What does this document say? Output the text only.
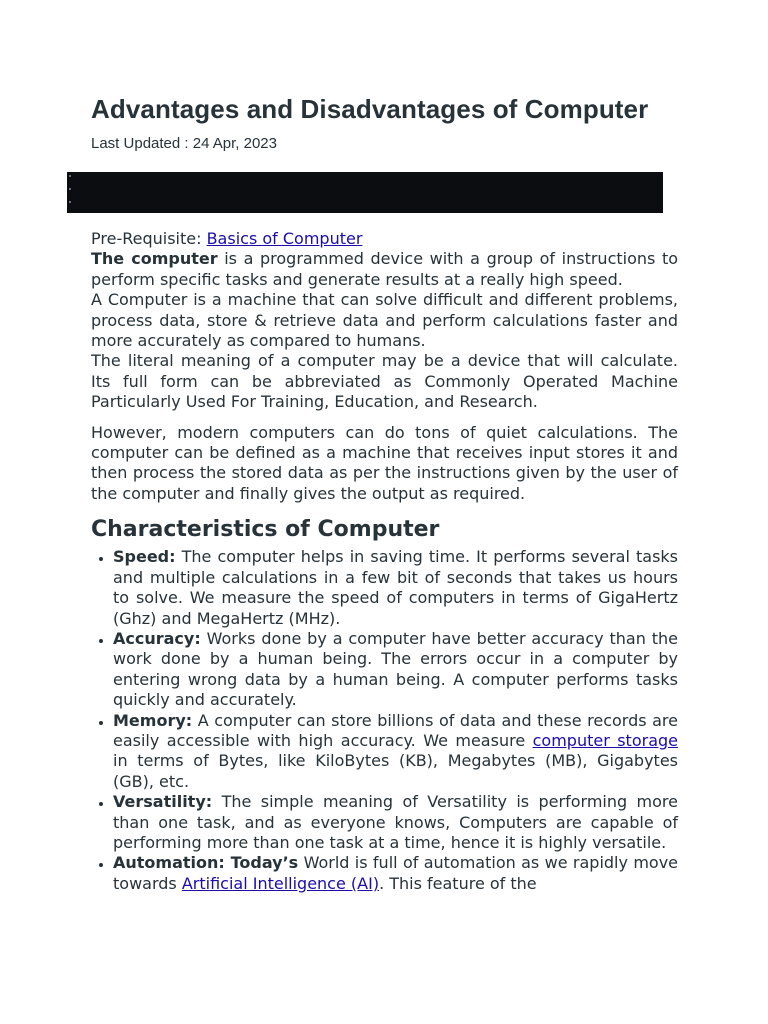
Advantages and Disadvantages of Computer
Last Updated : 24 Apr, 2023

Pre-Requisite: Basics of Computer

The computer is a programmed device with a group of instructions to perform specific tasks and generate results at a really high speed.

A Computer is a machine that can solve difficult and different problems, process data, store & retrieve data and perform calculations faster and more accurately as compared to humans.

The literal meaning of a computer may be a device that will calculate. Its full form can be abbreviated as Commonly Operated Machine Particularly Used For Training, Education, and Research.

However, modern computers can do tons of quiet calculations. The computer can be defined as a machine that receives input stores it and then process the stored data as per the instructions given by the user of the computer and finally gives the output as required.

Characteristics of Computer
• Speed: The computer helps in saving time. It performs several tasks and multiple calculations in a few bit of seconds that takes us hours to solve. We measure the speed of computers in terms of GigaHertz (Ghz) and MegaHertz (MHz).
• Accuracy: Works done by a computer have better accuracy than the work done by a human being. The errors occur in a computer by entering wrong data by a human being. A computer performs tasks quickly and accurately.
• Memory: A computer can store billions of data and these records are easily accessible with high accuracy. We measure computer storage in terms of Bytes, like KiloBytes (KB), Megabytes (MB), Gigabytes (GB), etc.
• Versatility: The simple meaning of Versatility is performing more than one task, and as everyone knows, Computers are capable of performing more than one task at a time, hence it is highly versatile.
• Automation: Today’s World is full of automation as we rapidly move towards Artificial Intelligence (AI). This feature of the
